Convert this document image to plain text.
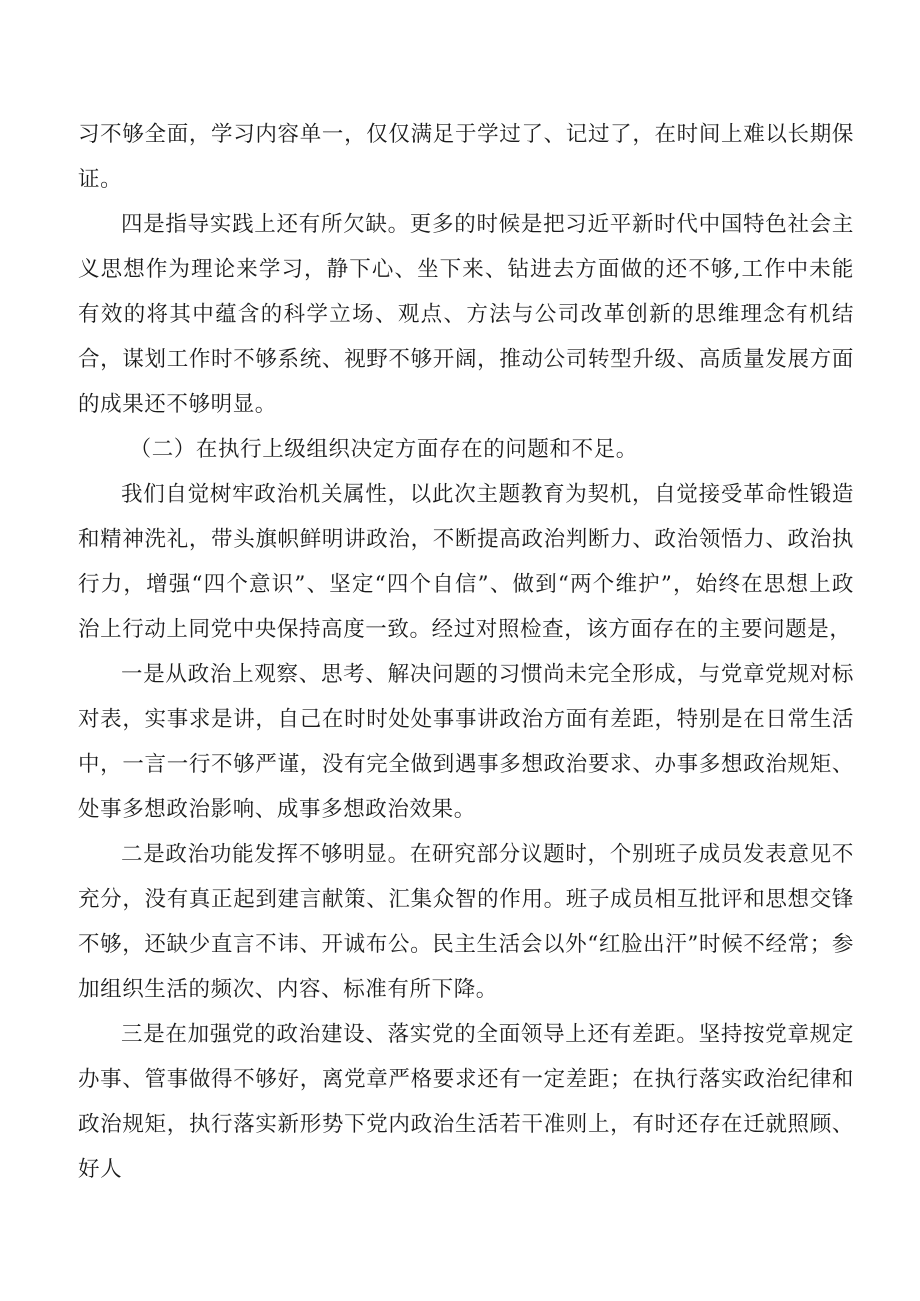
习不够全面，学习内容单一，仅仅满足于学过了、记过了，在时间上难以长期保证。

四是指导实践上还有所欠缺。更多的时候是把习近平新时代中国特色社会主义思想作为理论来学习，静下心、坐下来、钻进去方面做的还不够,工作中未能有效的将其中蕴含的科学立场、观点、方法与公司改革创新的思维理念有机结合，谋划工作时不够系统、视野不够开阔，推动公司转型升级、高质量发展方面的成果还不够明显。

（二）在执行上级组织决定方面存在的问题和不足。

我们自觉树牢政治机关属性，以此次主题教育为契机，自觉接受革命性锻造和精神洗礼，带头旗帜鲜明讲政治，不断提高政治判断力、政治领悟力、政治执行力，增强“四个意识”、坚定“四个自信”、做到“两个维护”，始终在思想上政治上行动上同党中央保持高度一致。经过对照检查，该方面存在的主要问题是，

一是从政治上观察、思考、解决问题的习惯尚未完全形成，与党章党规对标对表，实事求是讲，自己在时时处处事事讲政治方面有差距，特别是在日常生活中，一言一行不够严谨，没有完全做到遇事多想政治要求、办事多想政治规矩、处事多想政治影响、成事多想政治效果。

二是政治功能发挥不够明显。在研究部分议题时，个别班子成员发表意见不充分，没有真正起到建言献策、汇集众智的作用。班子成员相互批评和思想交锋不够，还缺少直言不讳、开诚布公。民主生活会以外“红脸出汗”时候不经常；参加组织生活的频次、内容、标准有所下降。

三是在加强党的政治建设、落实党的全面领导上还有差距。坚持按党章规定办事、管事做得不够好，离党章严格要求还有一定差距；在执行落实政治纪律和政治规矩，执行落实新形势下党内政治生活若干准则上，有时还存在迁就照顾、好人
